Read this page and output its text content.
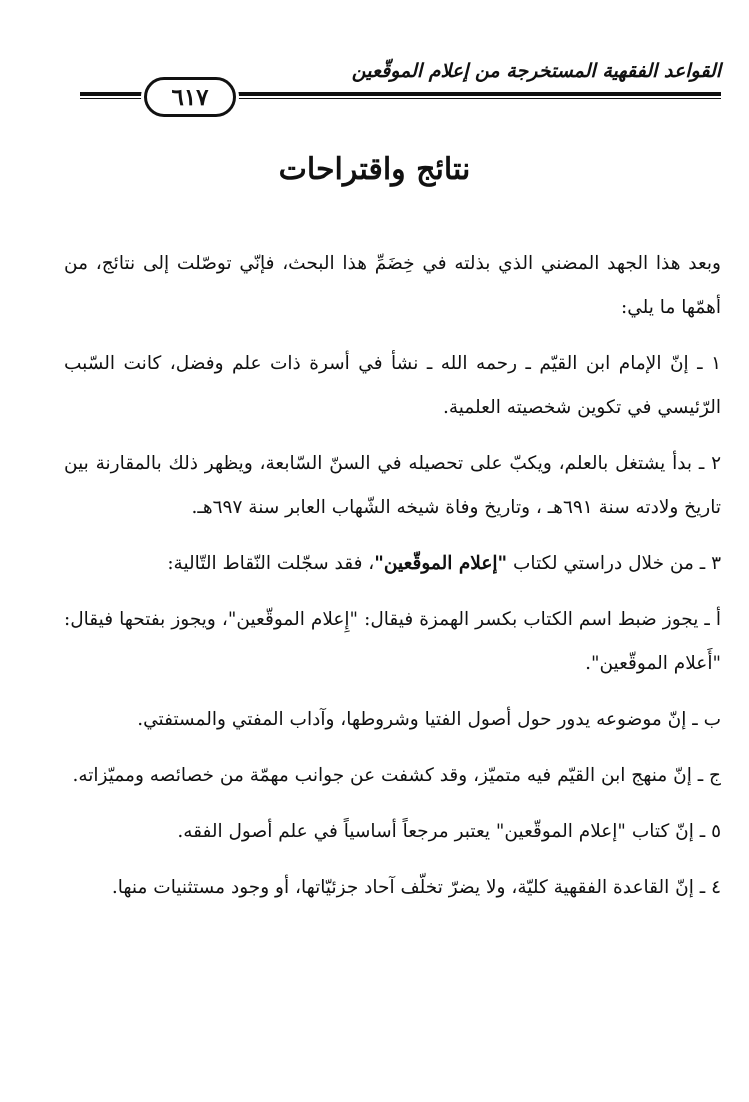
القواعد الفقهية المستخرجة من إعلام الموقّعين
٦١٧
نتائج واقتراحات

وبعد هذا الجهد المضني الذي بذلته في خِضَمِّ هذا البحث، فإنّي توصّلت إلى نتائج، من أهمّها ما يلي:

١ ـ إنّ الإمام ابن القيّم ـ رحمه الله ـ نشأ في أسرة ذات علم وفضل، كانت السّبب الرّئيسي في تكوين شخصيته العلمية.

٢ ـ بدأ يشتغل بالعلم، ويكبّ على تحصيله في السنّ السّابعة، ويظهر ذلك بالمقارنة بين تاريخ ولادته سنة ٦٩١هـ ، وتاريخ وفاة شيخه الشّهاب العابر سنة ٦٩٧هـ.

٣ ـ من خلال دراستي لكتاب "إعلام الموقّعين"، فقد سجّلت النّقاط التّالية:

أ ـ يجوز ضبط اسم الكتاب بكسر الهمزة فيقال: "إِعلام الموقّعين"، ويجوز بفتحها فيقال: "أَعلام الموقّعين".

ب ـ إنّ موضوعه يدور حول أصول الفتيا وشروطها، وآداب المفتي والمستفتي.

ج ـ إنّ منهج ابن القيّم فيه متميّز، وقد كشفت عن جوانب مهمّة من خصائصه ومميّزاته.

٥ ـ إنّ كتاب "إعلام الموقّعين" يعتبر مرجعاً أساسياً في علم أصول الفقه.

٤ ـ إنّ القاعدة الفقهية كليّة، ولا يضرّ تخلّف آحاد جزئيّاتها، أو وجود مستثنيات منها.
